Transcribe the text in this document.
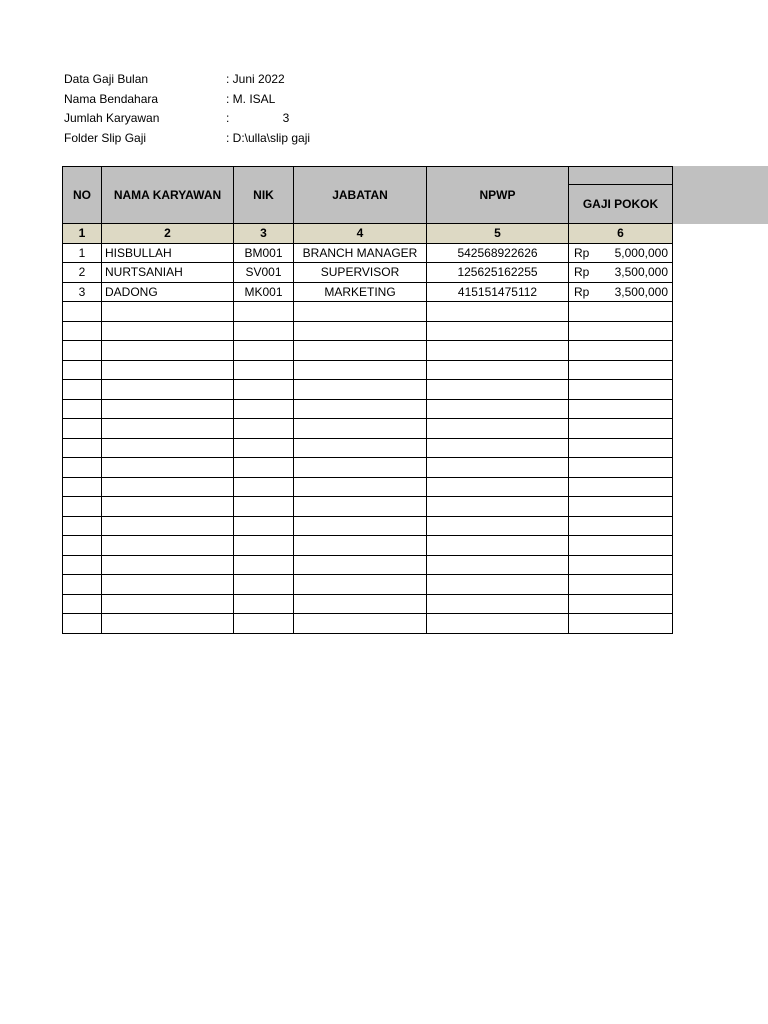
Data Gaji Bulan	: Juni 2022
Nama Bendahara	: M. ISAL
Jumlah Karyawan	:	3
Folder Slip Gaji	: D:\ulla\slip gaji
NO	NAMA KARYAWAN	NIK	JABATAN	NPWP	
					GAJI POKOK
1	2	3	4	5	6
1	HISBULLAH	BM001	BRANCH MANAGER	542568922626	Rp 5,000,000

2	NURTSANIAH	SV001	SUPERVISOR	125625162255	Rp 3,500,000

3	DADONG	MK001	MARKETING	415151475112	Rp 3,500,000
